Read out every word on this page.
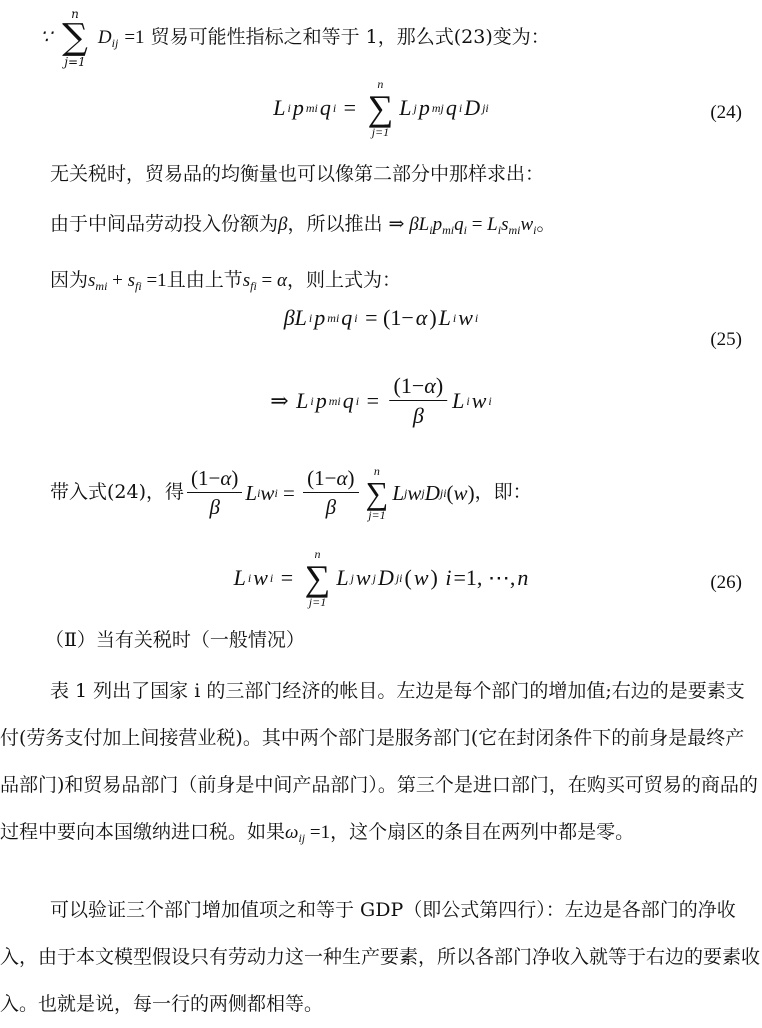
∵
n
∑
j=1
$D_{ij} =1$ 贸易可能性指标之和等于 1，那么式(23)变为：
L i p mi q i =
n
∑
j=1
L j p mj q i D ji	(24)
无关税时，贸易品的均衡量也可以像第二部分中那样求出：
由于中间品劳动投入份额为β，所以推出 ⇒ $\beta L_ip_{mi}q_i = L_is_{mi}w_i$。
因为$s_{mi} + s_{fi} =1$且由上节$s_{fi} = \alpha$，则上式为：
βL i p mi q i = (1− α ) L i w i
(25)
⇒ L i p mi q $i = \frac{(1-\alpha)}{\beta}$ L i w i
带入式(24)，得 $\frac{(1-\alpha)}{\beta}$ L i w $i = \frac{(1-\alpha)}{\beta}$ n
∑
j=1
L j w j D ji ( w ) ，即：
L i w i =
n
∑
j=1
L j w j D ji ( w ) i =1, ⋯, n	(26)
（Ⅱ）当有关税时（一般情况）
表 1 列出了国家 i 的三部门经济的帐目。左边是每个部门的增加值;右边的是要素支付(劳务支付加上间接营业税)。其中两个部门是服务部门(它在封闭条件下的前身是最终产品部门)和贸易品部门（前身是中间产品部门）。第三个是进口部门，在购买可贸易的商品的过程中要向本国缴纳进口税。如果$\omega_{ij} =1$，这个扇区的条目在两列中都是零。
可以验证三个部门增加值项之和等于 GDP（即公式第四行）：左边是各部门的净收入，由于本文模型假设只有劳动力这一种生产要素，所以各部门净收入就等于右边的要素收入。也就是说，每一行的两侧都相等。
